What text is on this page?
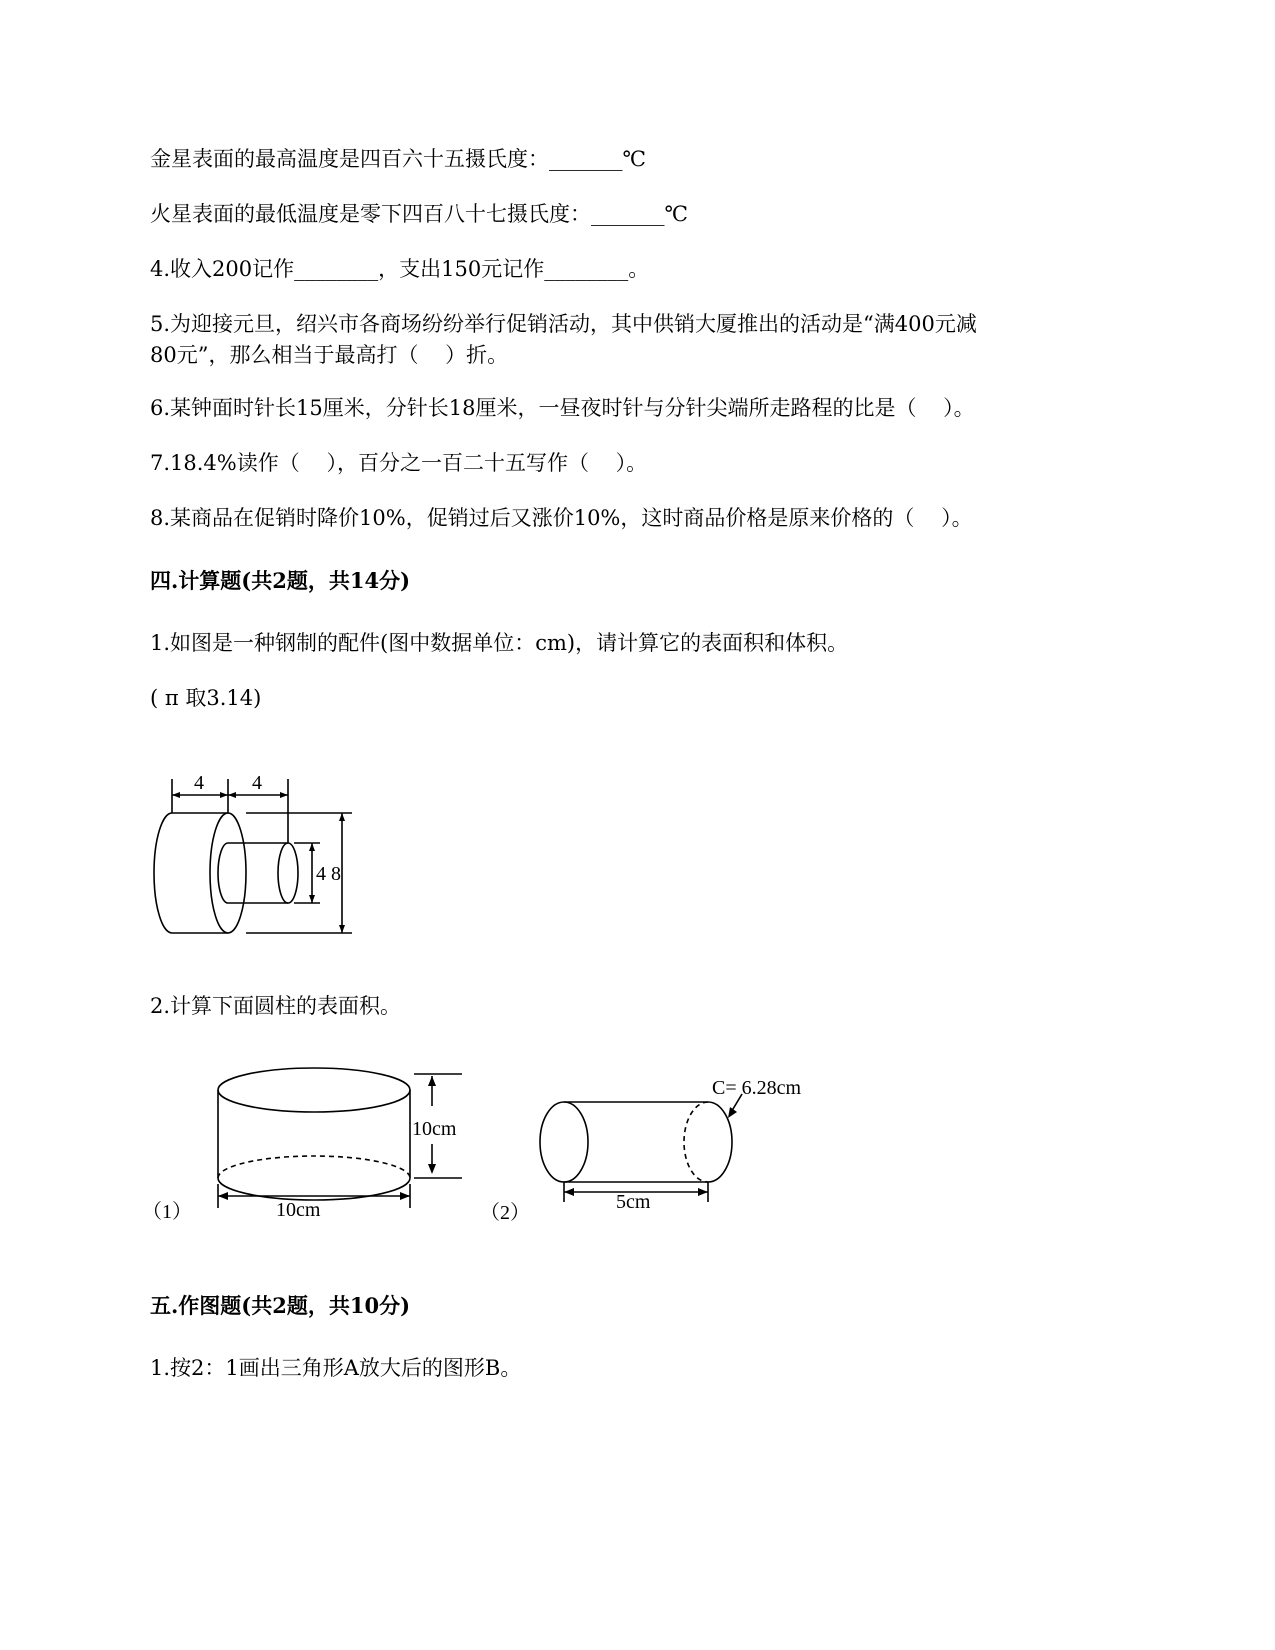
金星表面的最高温度是四百六十五摄氏度：_______℃
火星表面的最低温度是零下四百八十七摄氏度：_______℃
4.收入200记作________，支出150元记作________。
5.为迎接元旦，绍兴市各商场纷纷举行促销活动，其中供销大厦推出的活动是“满400元减
80元”，那么相当于最高打（    ）折。
6.某钟面时针长15厘米，分针长18厘米，一昼夜时针与分针尖端所走路程的比是（    ）。
7.18.4%读作（    ），百分之一百二十五写作（    ）。
8.某商品在促销时降价10%，促销过后又涨价10%，这时商品价格是原来价格的（    ）。
四.计算题(共2题，共14分)
1.如图是一种钢制的配件(图中数据单位：cm)，请计算它的表面积和体积。
( π 取3.14)
4 4
4 8
2.计算下面圆柱的表面积。
10cm
（1）	10cm
C= 6.28cm
（2）	5cm
五.作图题(共2题，共10分)
1.按2：1画出三角形A放大后的图形B。
